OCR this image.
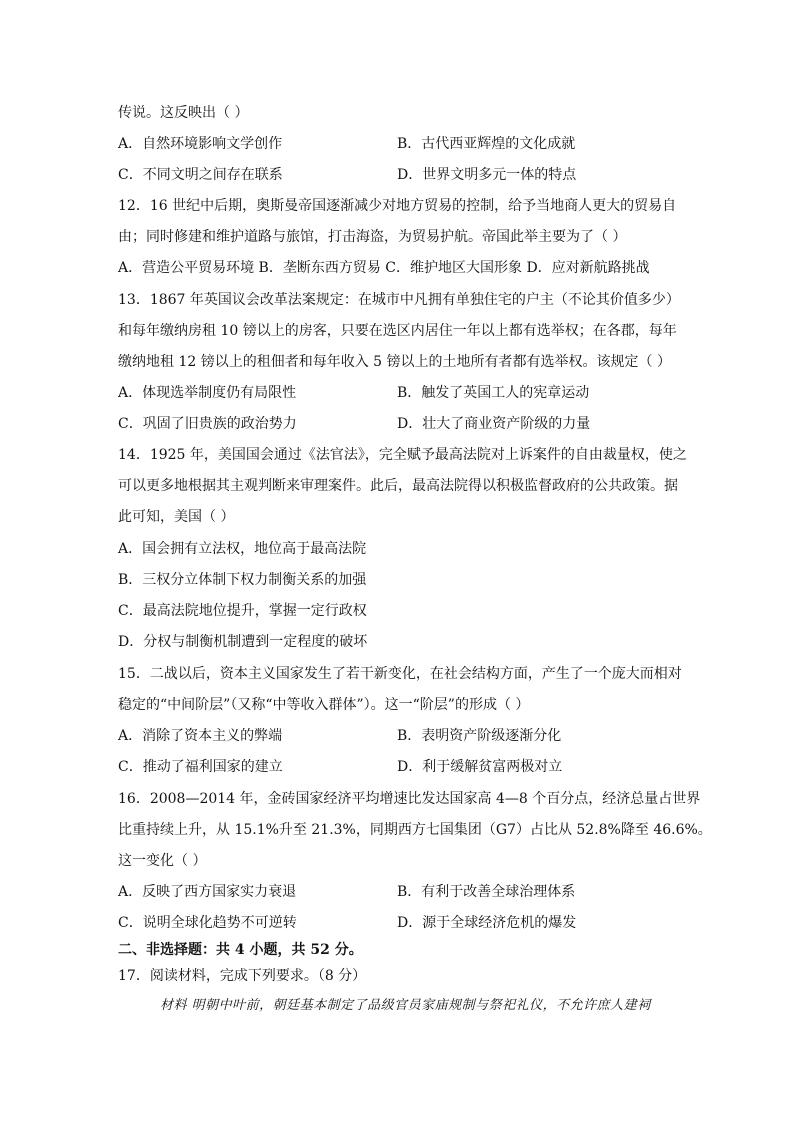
传说。这反映出（ ）
A．自然环境影响文学创作	B．古代西亚辉煌的文化成就
C．不同文明之间存在联系	D．世界文明多元一体的特点
12．16 世纪中后期，奥斯曼帝国逐渐减少对地方贸易的控制，给予当地商人更大的贸易自
由；同时修建和维护道路与旅馆，打击海盗，为贸易护航。帝国此举主要为了（ ）
A．营造公平贸易环境 B．垄断东西方贸易 C．维护地区大国形象 D．应对新航路挑战
13．1867 年英国议会改革法案规定：在城市中凡拥有单独住宅的户主（不论其价值多少）
和每年缴纳房租 10 镑以上的房客，只要在选区内居住一年以上都有选举权；在各郡，每年
缴纳地租 12 镑以上的租佃者和每年收入 5 镑以上的土地所有者都有选举权。该规定（ ）
A．体现选举制度仍有局限性	B．触发了英国工人的宪章运动
C．巩固了旧贵族的政治势力	D．壮大了商业资产阶级的力量
14．1925 年，美国国会通过《法官法》，完全赋予最高法院对上诉案件的自由裁量权，使之
可以更多地根据其主观判断来审理案件。此后，最高法院得以积极监督政府的公共政策。据
此可知，美国（ ）
A．国会拥有立法权，地位高于最高法院
B．三权分立体制下权力制衡关系的加强
C．最高法院地位提升，掌握一定行政权
D．分权与制衡机制遭到一定程度的破坏
15．二战以后，资本主义国家发生了若干新变化，在社会结构方面，产生了一个庞大而相对
稳定的“中间阶层”（又称“中等收入群体”）。这一“阶层”的形成（ ）
A．消除了资本主义的弊端	B．表明资产阶级逐渐分化
C．推动了福利国家的建立	D．利于缓解贫富两极对立
16．2008—2014 年，金砖国家经济平均增速比发达国家高 4—8 个百分点，经济总量占世界
比重持续上升，从 15.1%升至 21.3%，同期西方七国集团（G7）占比从 52.8%降至 46.6%。
这一变化（ ）
A．反映了西方国家实力衰退	B．有利于改善全球治理体系
C．说明全球化趋势不可逆转	D．源于全球经济危机的爆发
二、非选择题：共 4 小题，共 52 分。
17．阅读材料，完成下列要求。（8 分）
材料 明朝中叶前，朝廷基本制定了品级官员家庙规制与祭祀礼仪，不允许庶人建祠
